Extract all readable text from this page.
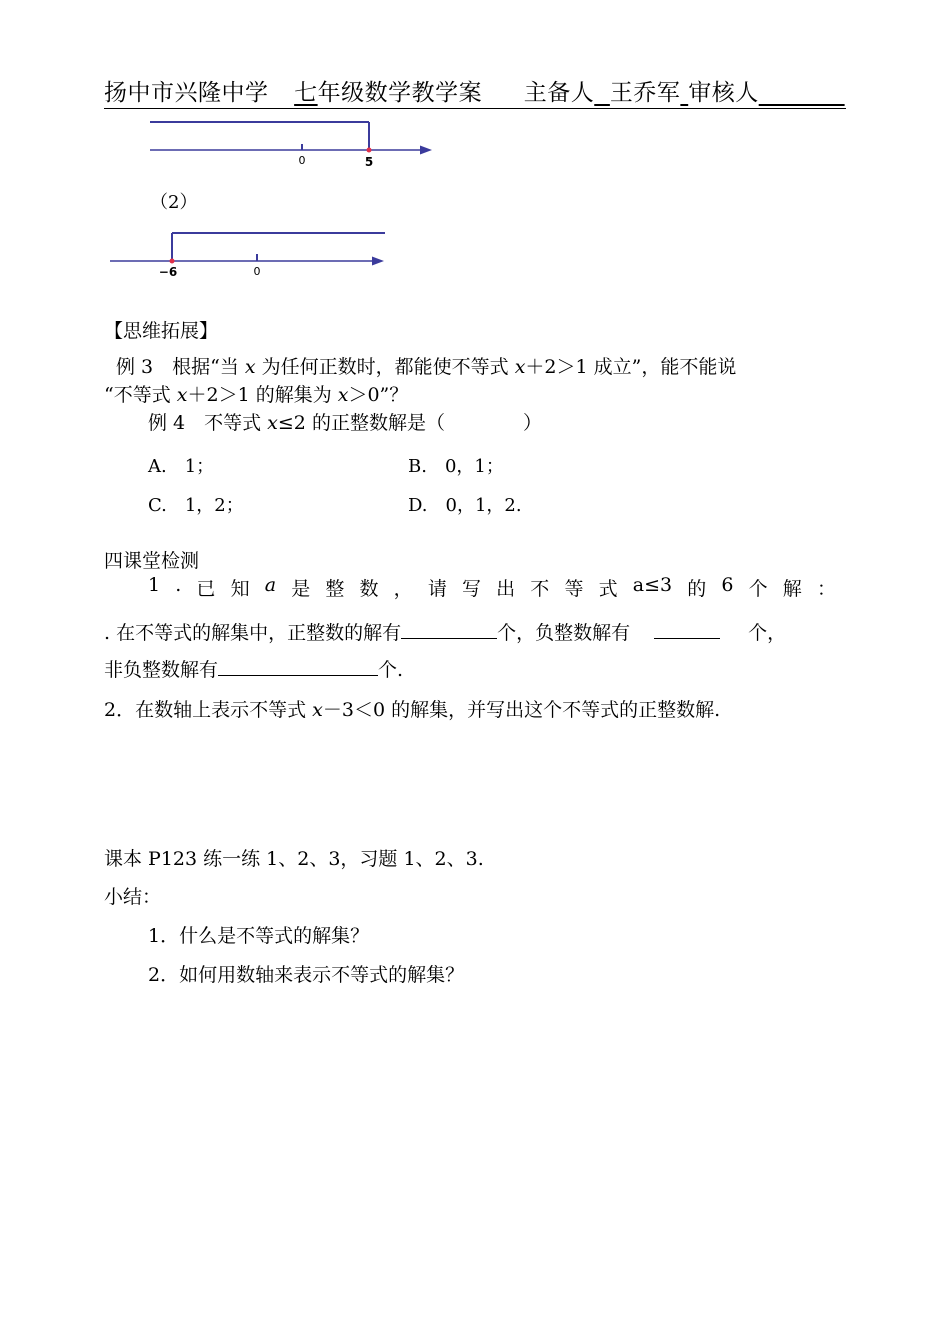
扬中市兴隆中学 七年级数学教学案 主备人 王乔军 审核人
0	5
（2）
−6	0
【思维拓展】
例 3　根据“当 x 为任何正数时，都能使不等式 x＋2＞1 成立”，能不能说
“不等式 x＋2＞1 的解集为 x＞0”？
例 4　不等式 x≤2 的正整数解是（	）
A.　1；	B.　0，1；
C.　1，2；	D.　0，1，2.
四课堂检测
1 . 已 知 a 是 整 数 ， 请 写 出 不 等 式 a≤3 的 6 个 解 ：
. 在不等式的解集中，正整数的解有	个，负整数解有	个，
非负整数解有	个.
2．在数轴上表示不等式 x－3＜0 的解集，并写出这个不等式的正整数解.
课本 P123 练一练 1、2、3，习题 1、2、3.
小结：
1．什么是不等式的解集？
2．如何用数轴来表示不等式的解集？
